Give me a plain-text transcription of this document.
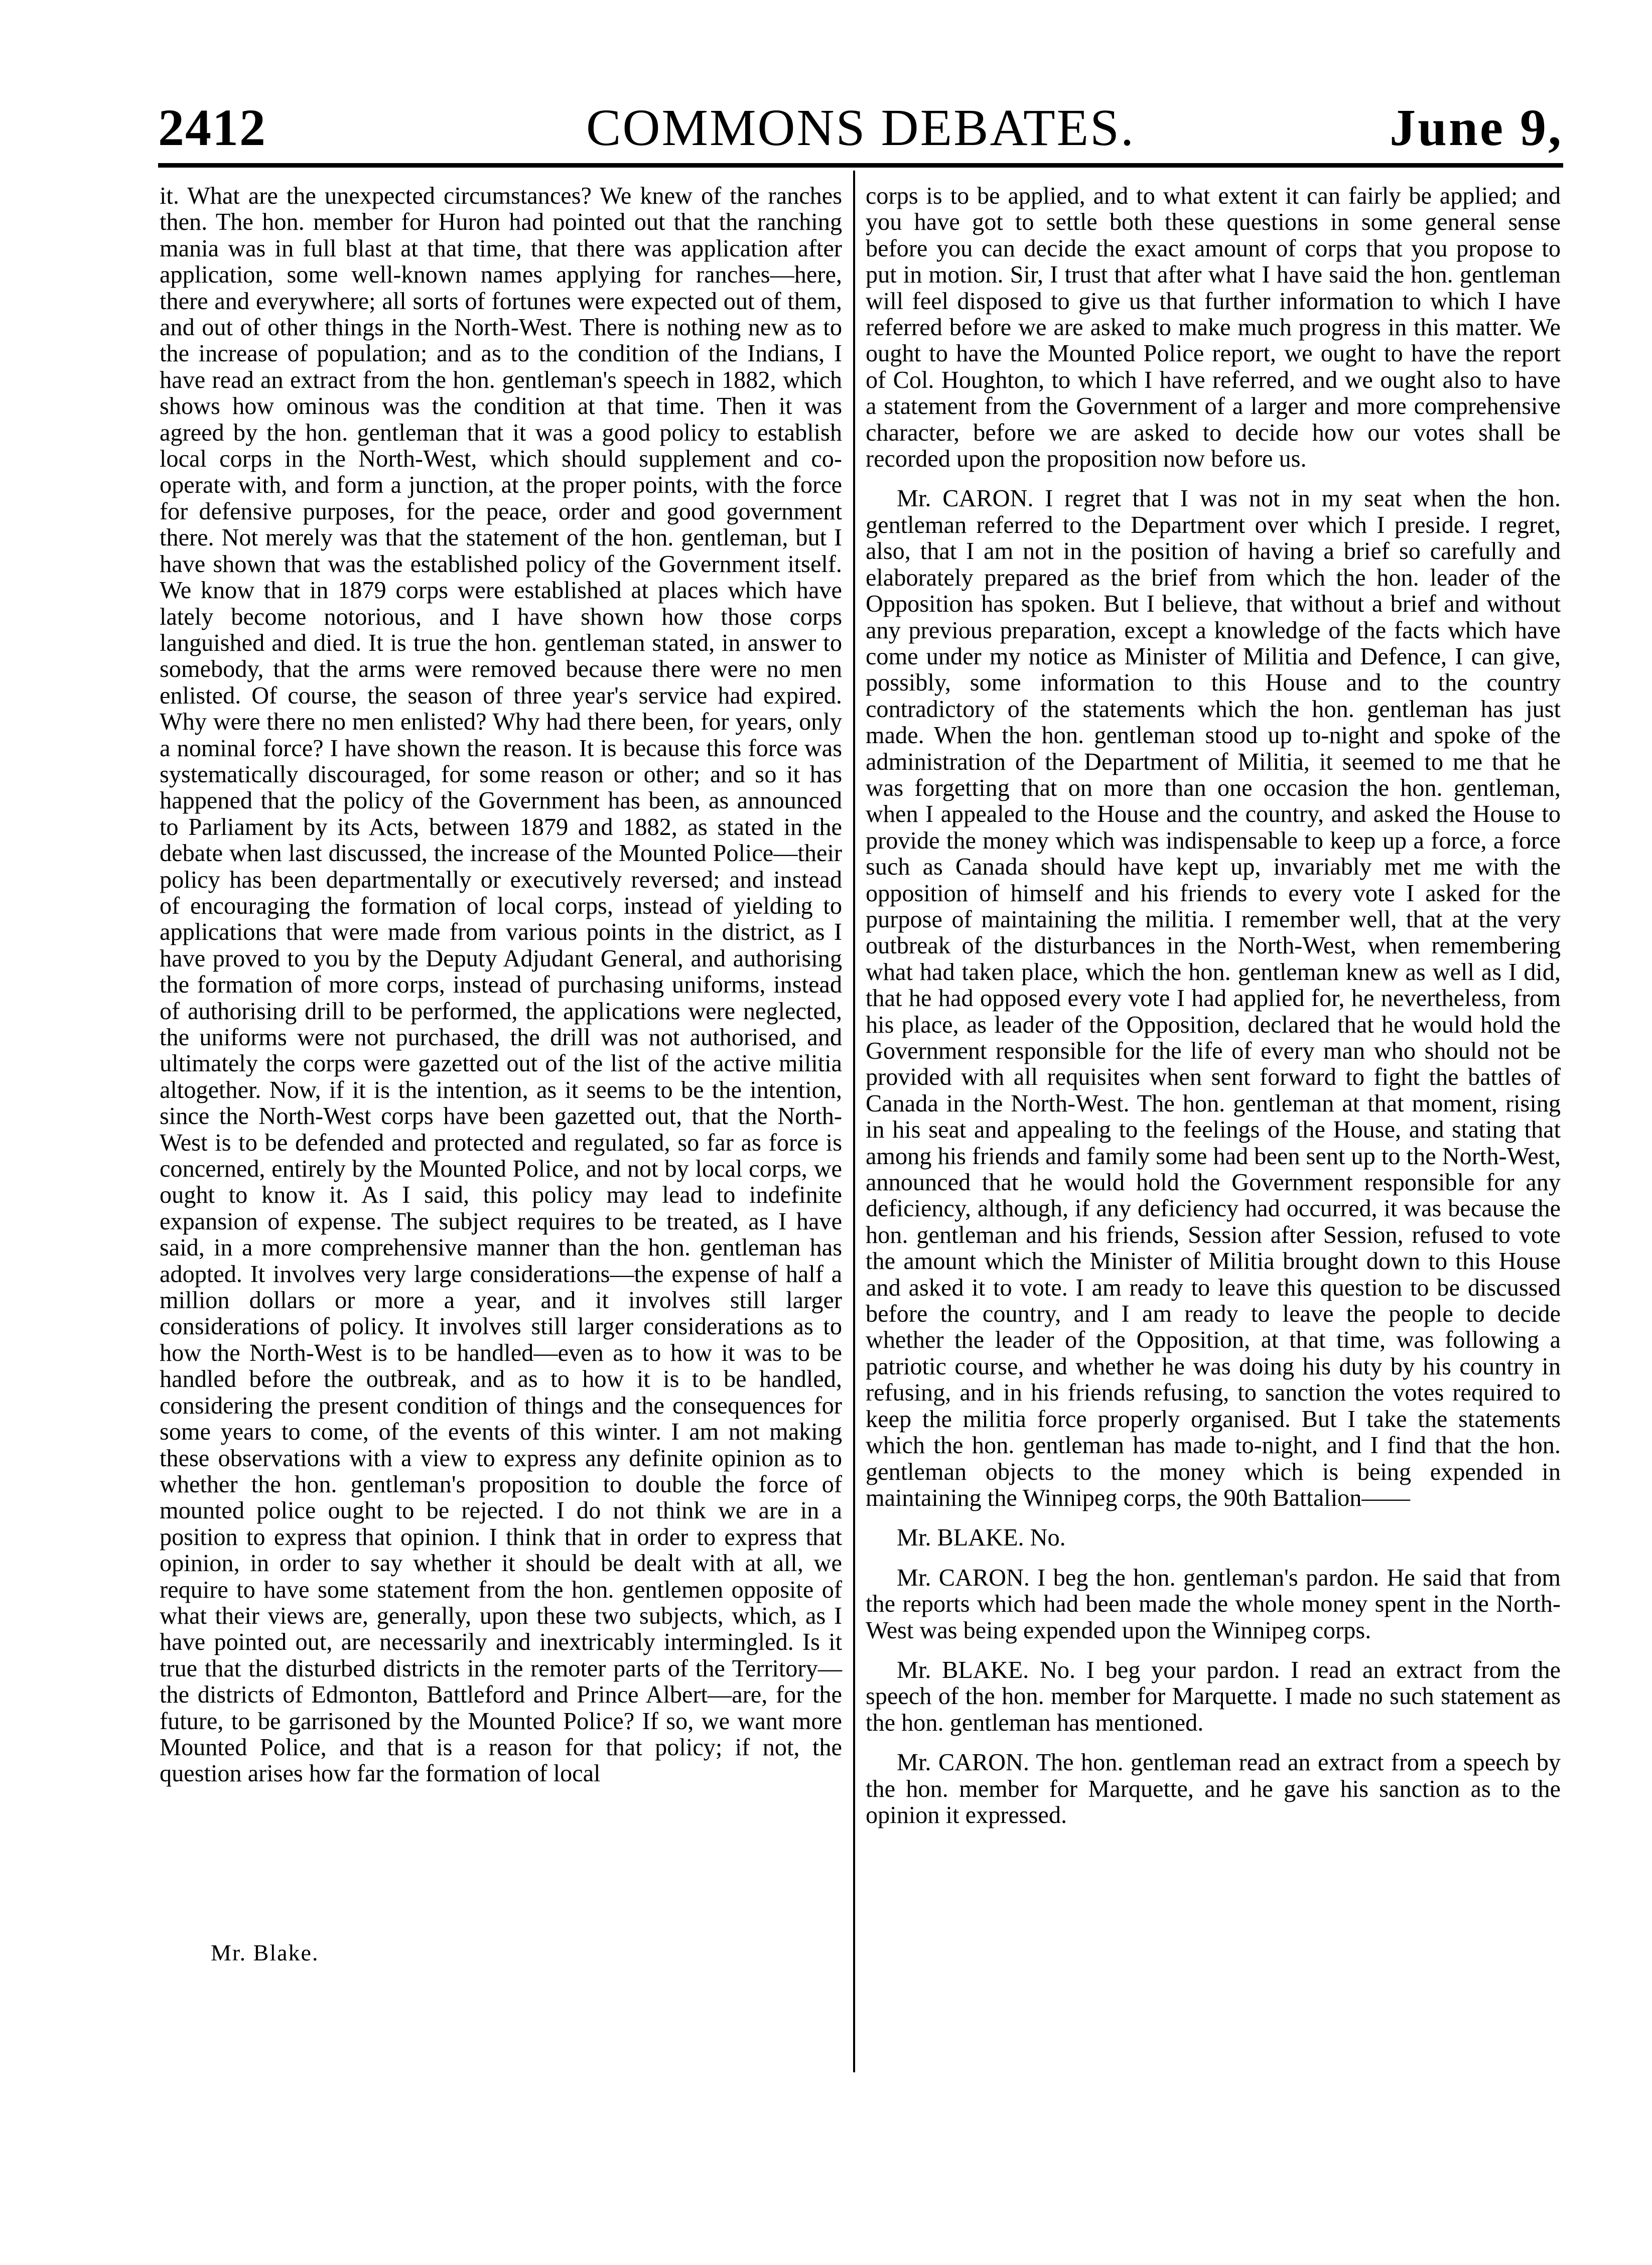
2412	COMMONS DEBATES.	June 9,

it. What are the unexpected circumstances? We knew of the ranches then. The hon. member for Huron had pointed out that the ranching mania was in full blast at that time, that there was application after application, some well-known names applying for ranches—here, there and everywhere; all sorts of fortunes were expected out of them, and out of other things in the North-West. There is nothing new as to the increase of population; and as to the condition of the Indians, I have read an extract from the hon. gentleman's speech in 1882, which shows how ominous was the condition at that time. Then it was agreed by the hon. gentleman that it was a good policy to establish local corps in the North-West, which should supplement and co-operate with, and form a junction, at the proper points, with the force for defensive purposes, for the peace, order and good government there. Not merely was that the statement of the hon. gentleman, but I have shown that was the established policy of the Government itself. We know that in 1879 corps were established at places which have lately become notorious, and I have shown how those corps languished and died. It is true the hon. gentleman stated, in answer to somebody, that the arms were removed because there were no men enlisted. Of course, the season of three year's service had expired. Why were there no men enlisted? Why had there been, for years, only a nominal force? I have shown the reason. It is because this force was systematically discouraged, for some reason or other; and so it has happened that the policy of the Government has been, as announced to Parliament by its Acts, between 1879 and 1882, as stated in the debate when last discussed, the increase of the Mounted Police—their policy has been departmentally or executively reversed; and instead of encouraging the formation of local corps, instead of yielding to applications that were made from various points in the district, as I have proved to you by the Deputy Adjudant General, and authorising the formation of more corps, instead of purchasing uniforms, instead of authorising drill to be performed, the applications were neglected, the uniforms were not purchased, the drill was not authorised, and ultimately the corps were gazetted out of the list of the active militia altogether. Now, if it is the intention, as it seems to be the intention, since the North-West corps have been gazetted out, that the North-West is to be defended and protected and regulated, so far as force is concerned, entirely by the Mounted Police, and not by local corps, we ought to know it. As I said, this policy may lead to indefinite expansion of expense. The subject requires to be treated, as I have said, in a more comprehensive manner than the hon. gentleman has adopted. It involves very large considerations—the expense of half a million dollars or more a year, and it involves still larger considerations of policy. It involves still larger considerations as to how the North-West is to be handled—even as to how it was to be handled before the outbreak, and as to how it is to be handled, considering the present condition of things and the consequences for some years to come, of the events of this winter. I am not making these observations with a view to express any definite opinion as to whether the hon. gentleman's proposition to double the force of mounted police ought to be rejected. I do not think we are in a position to express that opinion. I think that in order to express that opinion, in order to say whether it should be dealt with at all, we require to have some statement from the hon. gentlemen opposite of what their views are, generally, upon these two subjects, which, as I have pointed out, are necessarily and inextricably intermingled. Is it true that the disturbed districts in the remoter parts of the Territory—the districts of Edmonton, Battleford and Prince Albert—are, for the future, to be garrisoned by the Mounted Police? If so, we want more Mounted Police, and that is a reason for that policy; if not, the question arises how far the formation of local

corps is to be applied, and to what extent it can fairly be applied; and you have got to settle both these questions in some general sense before you can decide the exact amount of corps that you propose to put in motion. Sir, I trust that after what I have said the hon. gentleman will feel disposed to give us that further information to which I have referred before we are asked to make much progress in this matter. We ought to have the Mounted Police report, we ought to have the report of Col. Houghton, to which I have referred, and we ought also to have a statement from the Government of a larger and more comprehensive character, before we are asked to decide how our votes shall be recorded upon the proposition now before us.

Mr. CARON. I regret that I was not in my seat when the hon. gentleman referred to the Department over which I preside. I regret, also, that I am not in the position of having a brief so carefully and elaborately prepared as the brief from which the hon. leader of the Opposition has spoken. But I believe, that without a brief and without any previous preparation, except a knowledge of the facts which have come under my notice as Minister of Militia and Defence, I can give, possibly, some information to this House and to the country contradictory of the statements which the hon. gentleman has just made. When the hon. gentleman stood up to-night and spoke of the administration of the Department of Militia, it seemed to me that he was forgetting that on more than one occasion the hon. gentleman, when I appealed to the House and the country, and asked the House to provide the money which was indispensable to keep up a force, a force such as Canada should have kept up, invariably met me with the opposition of himself and his friends to every vote I asked for the purpose of maintaining the militia. I remember well, that at the very outbreak of the disturbances in the North-West, when remembering what had taken place, which the hon. gentleman knew as well as I did, that he had opposed every vote I had applied for, he nevertheless, from his place, as leader of the Opposition, declared that he would hold the Government responsible for the life of every man who should not be provided with all requisites when sent forward to fight the battles of Canada in the North-West. The hon. gentleman at that moment, rising in his seat and appealing to the feelings of the House, and stating that among his friends and family some had been sent up to the North-West, announced that he would hold the Government responsible for any deficiency, although, if any deficiency had occurred, it was because the hon. gentleman and his friends, Session after Session, refused to vote the amount which the Minister of Militia brought down to this House and asked it to vote. I am ready to leave this question to be discussed before the country, and I am ready to leave the people to decide whether the leader of the Opposition, at that time, was following a patriotic course, and whether he was doing his duty by his country in refusing, and in his friends refusing, to sanction the votes required to keep the militia force properly organised. But I take the statements which the hon. gentleman has made to-night, and I find that the hon. gentleman objects to the money which is being expended in maintaining the Winnipeg corps, the 90th Battalion——

Mr. BLAKE. No.

Mr. CARON. I beg the hon. gentleman's pardon. He said that from the reports which had been made the whole money spent in the North-West was being expended upon the Winnipeg corps.

Mr. BLAKE. No. I beg your pardon. I read an extract from the speech of the hon. member for Marquette. I made no such statement as the hon. gentleman has mentioned.

Mr. CARON. The hon. gentleman read an extract from a speech by the hon. member for Marquette, and he gave his sanction as to the opinion it expressed.

Mr. Blake.
